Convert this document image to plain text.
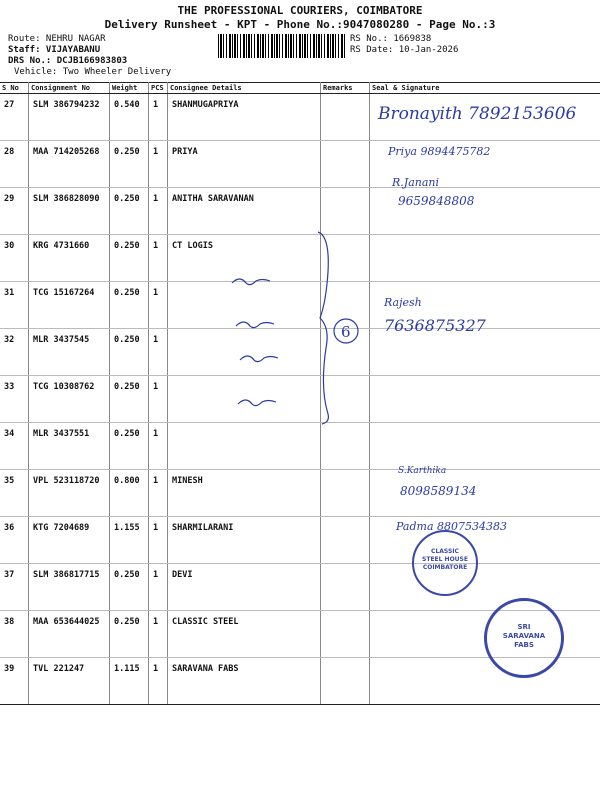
THE PROFESSIONAL COURIERS, COIMBATORE
Delivery Runsheet - KPT - Phone No.:9047080280 - Page No.:3
Route: NEHRU NAGAR
Staff: VIJAYABANU
DRS No.: DCJB166983803
Vehicle: Two Wheeler Delivery
RS No.: 1669838
RS Date: 10-Jan-2026
S No	Consignment No	Weight	PCS	Consignee Details	Remarks	Seal & Signature
27	SLM 386794232	0.540	1	SHANMUGAPRIYA		
28	MAA 714205268	0.250	1	PRIYA		
29	SLM 386828090	0.250	1	ANITHA SARAVANAN		
30	KRG 4731660	0.250	1	CT LOGIS		
31	TCG 15167264	0.250	1			
32	MLR 3437545	0.250	1			
33	TCG 10308762	0.250	1			
34	MLR 3437551	0.250	1			
35	VPL 523118720	0.800	1	MINESH		
36	KTG 7204689	1.155	1	SHARMILARANI		
37	SLM 386817715	0.250	1	DEVI		
38	MAA 653644025	0.250	1	CLASSIC STEEL		
39	TVL 221247	1.115	1	SARAVANA FABS		
Bronayith 7892153606
Priya 9894475782
R.Janani
9659848808
Rajesh
7636875327
S.Karthika
8098589134
Padma 8807534383
6
CLASSIC STEEL HOUSE COIMBATORE
SRI SARAVANA FABS
